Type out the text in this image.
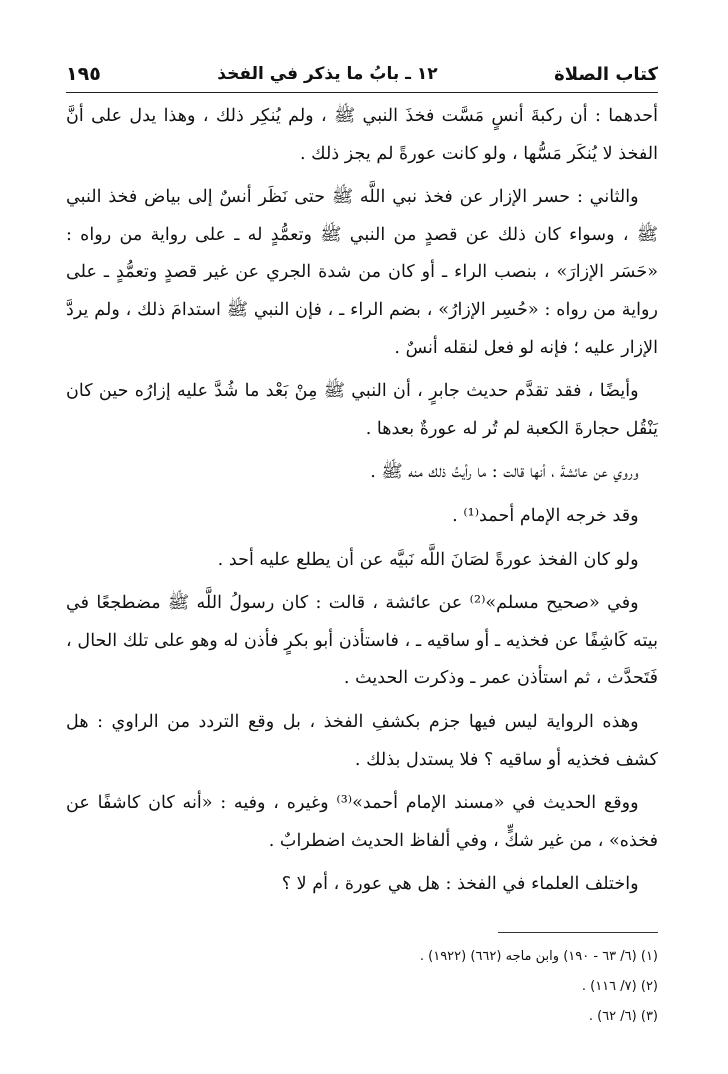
كتاب الصلاة
١٢ ـ بابُ ما يذكر في الفخذ
١٩٥

أحدهما : أن ركبةَ أنسٍ مَسَّت فخذَ النبي ﷺ ، ولم يُنكِر ذلك ، وهذا يدل على أنَّ الفخذ لا يُنكَر مَسُّها ، ولو كانت عورةً لم يجز ذلك .

والثاني : حسر الإزار عن فخذ نبي اللَّه ﷺ حتى نَظَر أنسٌ إلى بياض فخذ النبي ﷺ ، وسواء كان ذلك عن قصدٍ من النبي ﷺ وتعمُّدٍ له ـ على رواية من رواه : «حَسَر الإزارَ» ، بنصب الراء ـ أو كان من شدة الجري عن غير قصدٍ وتعمُّدٍ ـ على رواية من رواه : «حُسِر الإزارُ» ، بضم الراء ـ ، فإن النبي ﷺ استدامَ ذلك ، ولم يردَّ الإزار عليه ؛ فإنه لو فعل لنقله أنسٌ .

وأيضًا ، فقد تقدَّم حديث جابرٍ ، أن النبي ﷺ مِنْ بَعْد ما شُدَّ عليه إزارُه حين كان يَنْقُل حجارةَ الكعبة لم تُر له عورةٌ بعدها .

وروي عن عائشةَ ، أنها قالت : ما رأيتُ ذلك منه ﷺ .

وقد خرجه الإمام أحمد⁽¹⁾ .

ولو كان الفخذ عورةً لصَانَ اللَّه نَبيَّه عن أن يطلع عليه أحد .

وفي «صحيح مسلم»⁽²⁾ عن عائشة ، قالت : كان رسولُ اللَّه ﷺ مضطجعًا في بيته كَاشِفًا عن فخذيه ـ أو ساقيه ـ ، فاستأذن أبو بكرٍ فأذن له وهو على تلك الحال ، فَتَحدَّث ، ثم استأذن عمر ـ وذكرت الحديث .

وهذه الرواية ليس فيها جزم بكشفِ الفخذ ، بل وقع التردد من الراوي : هل كشف فخذيه أو ساقيه ؟ فلا يستدل بذلك .

ووقع الحديث في «مسند الإمام أحمد»⁽³⁾ وغيره ، وفيه : «أنه كان كاشفًا عن فخذه» ، من غير شكٍّ ، وفي ألفاظ الحديث اضطرابٌ .

واختلف العلماء في الفخذ : هل هي عورة ، أم لا ؟

(١) (٦/ ٦٣ - ١٩٠) وابن ماجه (٦٦٢) (١٩٢٢) .

(٢) (٧/ ١١٦) .

(٣) (٦/ ٦٢) .
